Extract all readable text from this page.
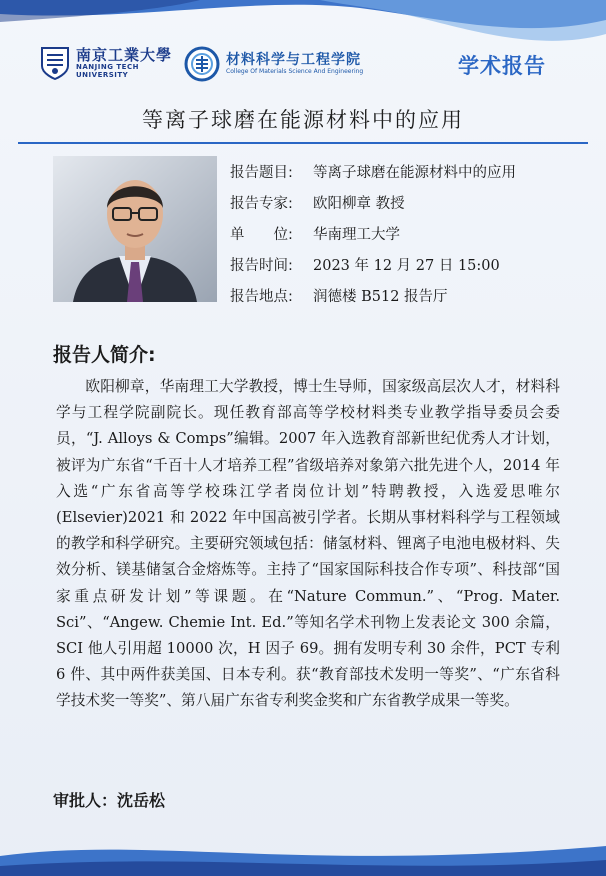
南京工業大學
NANJING TECH
UNIVERSITY
材料科学与工程学院
College Of Materials Science And Engineering	学术报告
等离子球磨在能源材料中的应用
报告题目:	等离子球磨在能源材料中的应用
报告专家:	欧阳柳章 教授
单　　位:	华南理工大学
报告时间:	2023 年 12 月 27 日 15:00
报告地点:	润德楼 B512 报告厅
报告人简介:
欧阳柳章，华南理工大学教授，博士生导师，国家级高层次人才，材料科学与工程学院副院长。现任教育部高等学校材料类专业教学指导委员会委员，“J. Alloys & Comps”编辑。2007 年入选教育部新世纪优秀人才计划，被评为广东省“千百十人才培养工程”省级培养对象第六批先进个人，2014 年入选“广东省高等学校珠江学者岗位计划”特聘教授，入选爱思唯尔 (Elsevier)2021 和 2022 年中国高被引学者。长期从事材料科学与工程领域的教学和科学研究。主要研究领域包括：储氢材料、锂离子电池电极材料、失效分析、镁基储氢合金熔炼等。主持了“国家国际科技合作专项”、科技部“国家重点研发计划”等课题。在“Nature Commun.”、“Prog. Mater. Sci”、“Angew. Chemie Int. Ed.”等知名学术刊物上发表论文 300 余篇，SCI 他人引用超 10000 次，H 因子 69。拥有发明专利 30 余件，PCT 专利 6 件、其中两件获美国、日本专利。获“教育部技术发明一等奖”、“广东省科学技术奖一等奖”、第八届广东省专利奖金奖和广东省教学成果一等奖。
审批人：沈岳松
